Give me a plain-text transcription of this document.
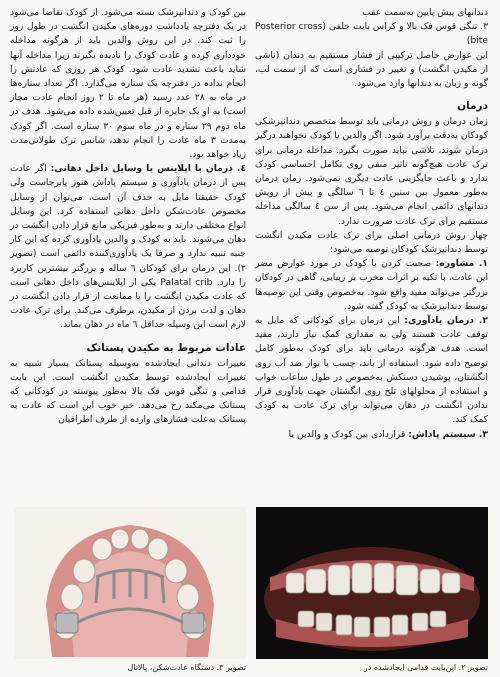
دندانهای پیش پایین به‌سمت عقب

۳. تنگی قوس فک بالا و کراس بایت خلفی (Posterior cross bite)

این عوارض حاصل ترکیبی از فشار مستقیم به دندان (ناشی از مکیدن انگشت) و تغییر در فشاری است که از سمت لب، گونه و زبان به دندانها وارد می‌شود.

درمان

زمان درمان و روش درمانی باید توسط متخصص دندانپزشکی کودکان به‌دقت برآورد شود. اگر والدین یا کودک نخواهند درگیر درمان شوند، تلاشی نباید صورت بگیرد. مداخله درمانی برای ترک عادت هیچ‌گونه تاثیر منفی روی تکامل احساسی کودک ندارد و باعث جایگزینی عادت دیگری نمی‌شود. زمان درمان به‌طور معمول بین سنین ٤ تا ٦ سالگی و پیش از رویش دندانهای دائمی انجام می‌شود. پس از سن ٤ سالگی مداخله مستقیم برای ترک عادت ضرورت ندارد.

چهار روش درمانی اصلی برای ترک عادت مکیدن انگشت توسط دندانپزشک کودکان توصیه می‌شود:

۱. مشاوره: صحبت کردن با کودک در مورد عوارض مضر این عادت، با تکیه بر اثرات مخرب بر زیبایی، گاهی در کودکان بزرگتر می‌تواند مفید واقع شود. به‌خصوص وقتی این توصیه‌ها توسط دندانپزشک به کودک گفته شود.

۲. درمان یادآوری: این درمان برای کودکانی که مایل به توقف عادت هستند ولی به مقداری کمک نیاز دارند، مفید است. هدف هرگونه درمانی باید برای کودک به‌طور کامل توضیح داده شود. استفاده از باند، چسب یا نوار ضد آب روی انگشتان، پوشیدن دستکش به‌خصوص در طول ساعات خواب و استفاده از محلولهای تلخ روی انگشتان جهت یادآوری قرار ندادن انگشت در دهان می‌تواند برای ترک عادت به کودک کمک کند.

۳. سیستم پاداش: قراردادی بین کودک و والدین یا

بین کودک و دندانپزشک بسته می‌شود. از کودک تقاضا می‌شود در یک دفترچه یادداشت دوره‌های مکیدن انگشت در طول روز را ثبت کند. در این روش والدین باید از هرگونه مداخله خودداری کرده و عادت کودک را نادیده بگیرند زیرا مداخله آنها شاید باعث تشدید عادت شود. کودک هر روزی که عادتش را انجام نداده در دفترچه یک ستاره می‌گذارد. اگر تعداد ستاره‌ها در ماه به ۲۸ عدد رسید (هر ماه تا ۲ روز انجام عادت مجاز است) به او یک جایزه از قبل تعیین‌شده داده می‌شود. هدف در ماه دوم ۲۹ ستاره و در ماه سوم ۳۰ ستاره است. اگر کودک به‌مدت ۳ ماه عادت را انجام ندهد، شانس ترک طولانی‌مدت زیاد خواهد بود.

٤. درمان با اپلاینس یا وسایل داخل دهانی: اگر عادت پس از درمان یادآوری و سیستم پاداش هنوز پابرجاست ولی کودک حقیقتا مایل به حذف آن است، می‌توان از وسایل مخصوص عادت‌شکن داخل دهانی استفاده کرد. این وسایل انواع مختلفی دارند و به‌طور فیزیکی مانع قرار دادن انگشت در دهان می‌شوند. باید به کودک و والدین یادآوری کرده که این کار جنبه تنبیه ندارد و صرفا یک یادآوری‌کننده دائمی است (تصویر ۲). این درمان برای کودکان ٦ ساله و بزرگتر بیشترین کاربرد را دارد. Palatal crib یکی از اپلاینس‌های داخل دهانی است که عادت مکیدن انگشت را با ممانعت از قرار دادن انگشت در دهان و لذت بردن از مکیدن، برطرف می‌کند. برای ترک عادت لازم است این وسیله حداقل ٦ ماه در دهان بماند.

عادات مربوط به مکیدن پستانک

تغییرات دندانی ایجادشده به‌وسیله پستانک بسیار شبیه به تغییرات ایجادشده توسط مکیدن انگشت است. این بایت قدامی و تنگی قوس فک بالا به‌طور پیوسته در کودکانی که پستانک می‌مکند رخ می‌دهد. خبر خوب این است که عادت به پستانک به‌علت فشارهای وارده از طرف اطرافیان

تصویر ۲. اپن‌بایت قدامی ایجادشده در
تصویر ۳. دستگاه عادت‌شکن، پالاتال
